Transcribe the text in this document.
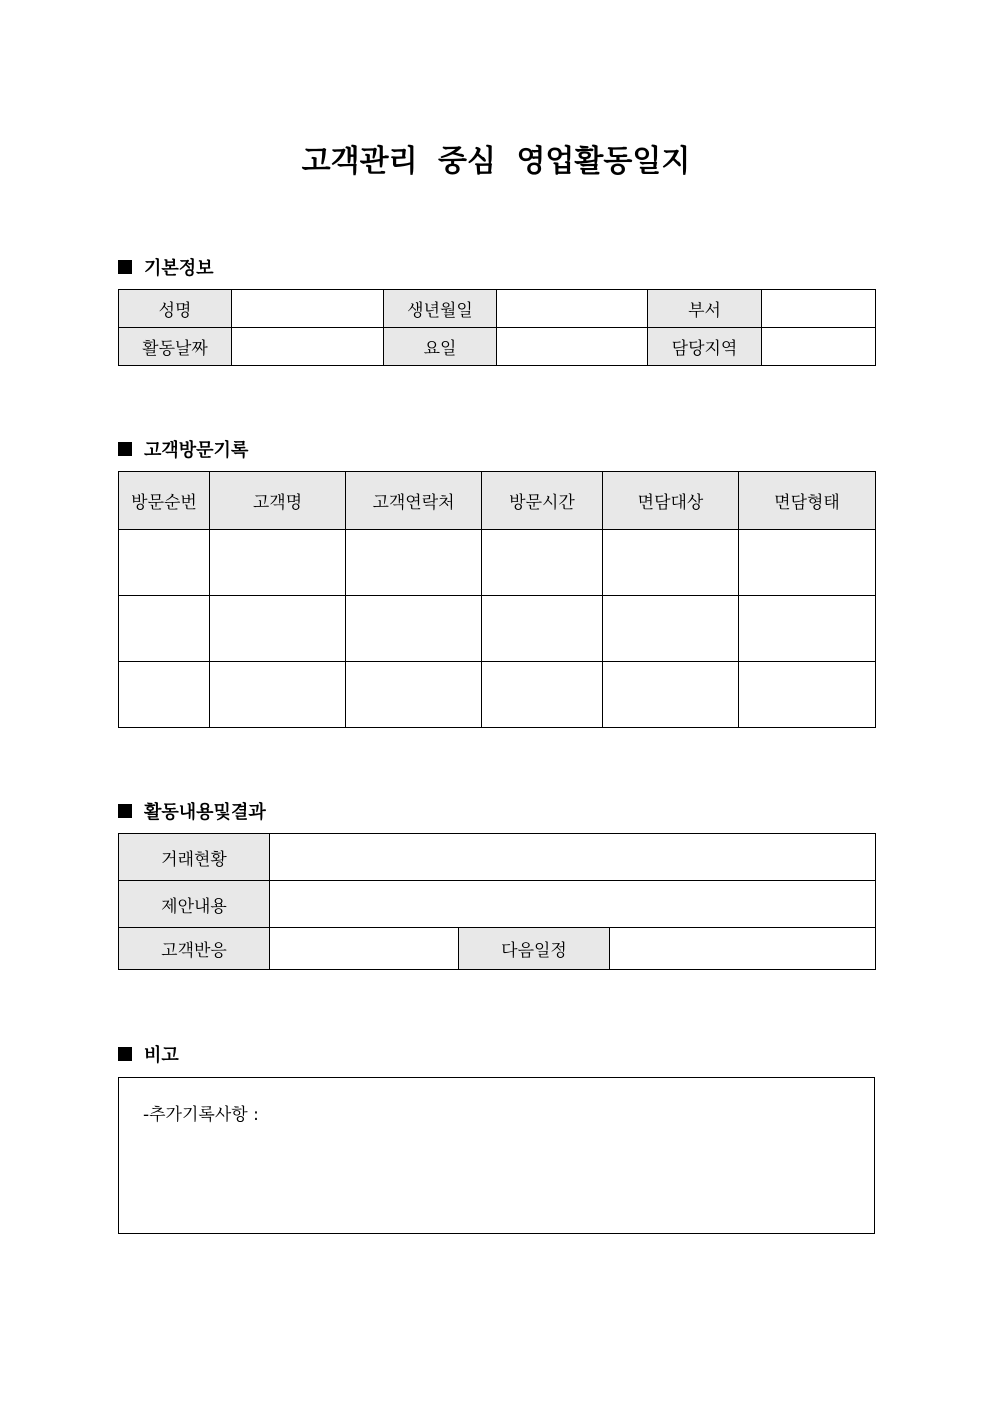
고객관리 중심 영업활동일지
기본정보
성명		생년월일		부서	
활동날짜		요일		담당지역	
고객방문기록
방문순번	고객명	고객연락처	방문시간	면담대상	면담형태

활동내용및결과
거래현황			
제안내용			
고객반응		다음일정	
비고
-추가기록사항 :
